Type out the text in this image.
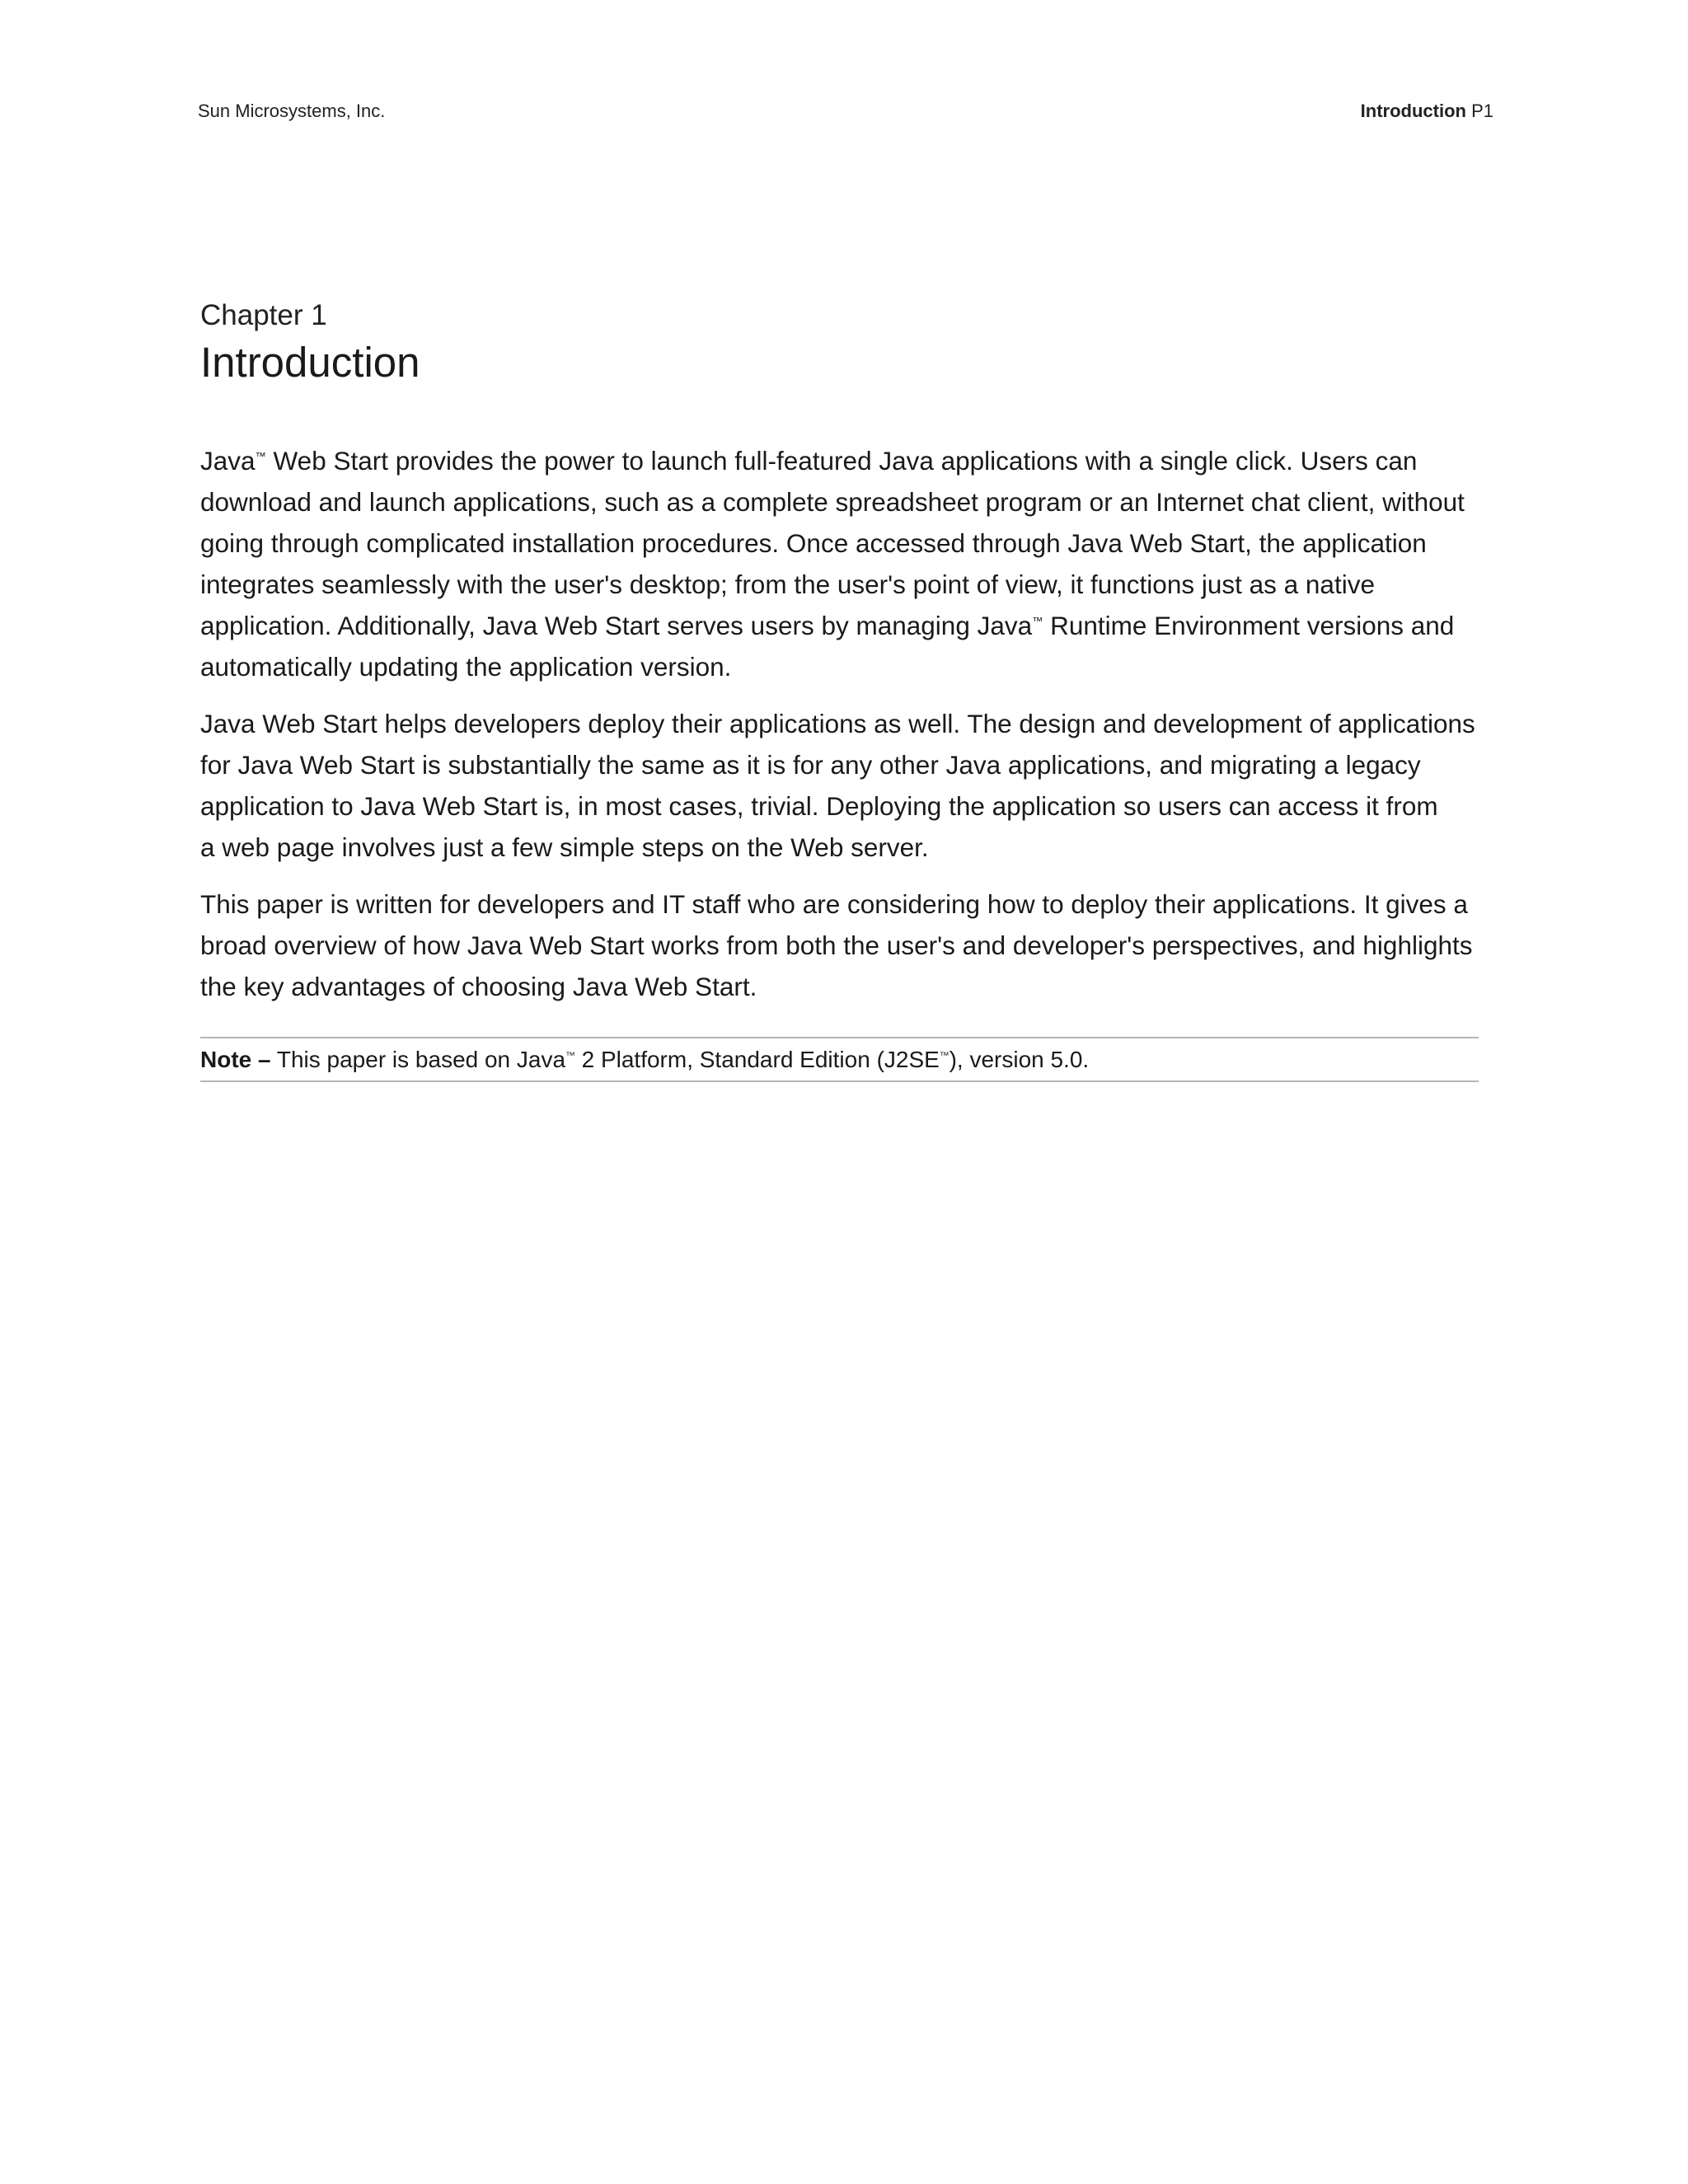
Sun Microsystems, Inc.	Introduction P1
Chapter 1
Introduction

Java™ Web Start provides the power to launch full-featured Java applications with a single click. Users can
download and launch applications, such as a complete spreadsheet program or an Internet chat client, without
going through complicated installation procedures. Once accessed through Java Web Start, the application
integrates seamlessly with the user's desktop; from the user's point of view, it functions just as a native
application. Additionally, Java Web Start serves users by managing Java™ Runtime Environment versions and
automatically updating the application version.

Java Web Start helps developers deploy their applications as well. The design and development of applications
for Java Web Start is substantially the same as it is for any other Java applications, and migrating a legacy
application to Java Web Start is, in most cases, trivial. Deploying the application so users can access it from
a web page involves just a few simple steps on the Web server.

This paper is written for developers and IT staff who are considering how to deploy their applications. It gives a
broad overview of how Java Web Start works from both the user's and developer's perspectives, and highlights
the key advantages of choosing Java Web Start.

Note – This paper is based on Java™ 2 Platform, Standard Edition (J2SE™), version 5.0.
